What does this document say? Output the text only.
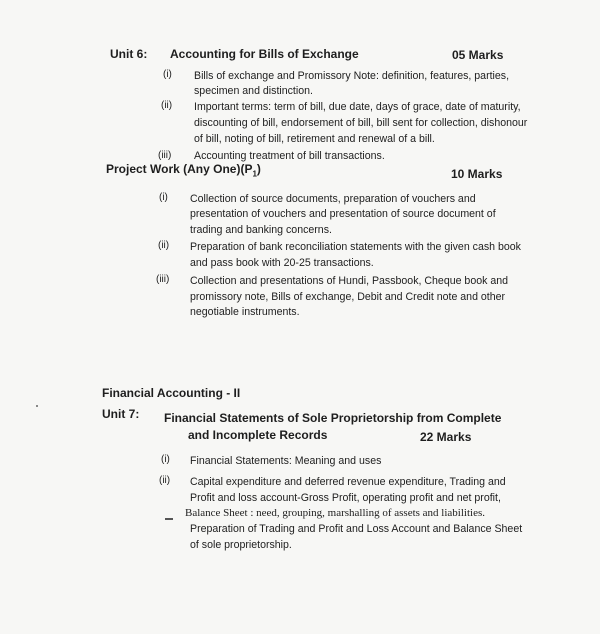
Unit 6: Accounting for Bills of Exchange	05 Marks
(i) Bills of exchange and Promissory Note: definition, features, parties,
specimen and distinction.
(ii) Important terms: term of bill, due date, days of grace, date of maturity,
discounting of bill, endorsement of bill, bill sent for collection, dishonour
of bill, noting of bill, retirement and renewal of a bill.
(iii) Accounting treatment of bill transactions.
Project Work (Any $One)(P_1)$	10 Marks
(i) Collection of source documents, preparation of vouchers and
presentation of vouchers and presentation of source document of
trading and banking concerns.
(ii) Preparation of bank reconciliation statements with the given cash book
and pass book with 20-25 transactions.
(iii) Collection and presentations of Hundi, Passbook, Cheque book and
promissory note, Bills of exchange, Debit and Credit note and other
negotiable instruments.
Financial Accounting - II
Unit 7: Financial Statements of Sole Proprietorship from Complete
and Incomplete Records	22 Marks
(i) Financial Statements: Meaning and uses
(ii) Capital expenditure and deferred revenue expenditure, Trading and
Profit and loss account-Gross Profit, operating profit and net profit,
Balance Sheet : need, grouping, marshalling of assets and liabilities.
Preparation of Trading and Profit and Loss Account and Balance Sheet
of sole proprietorship.
